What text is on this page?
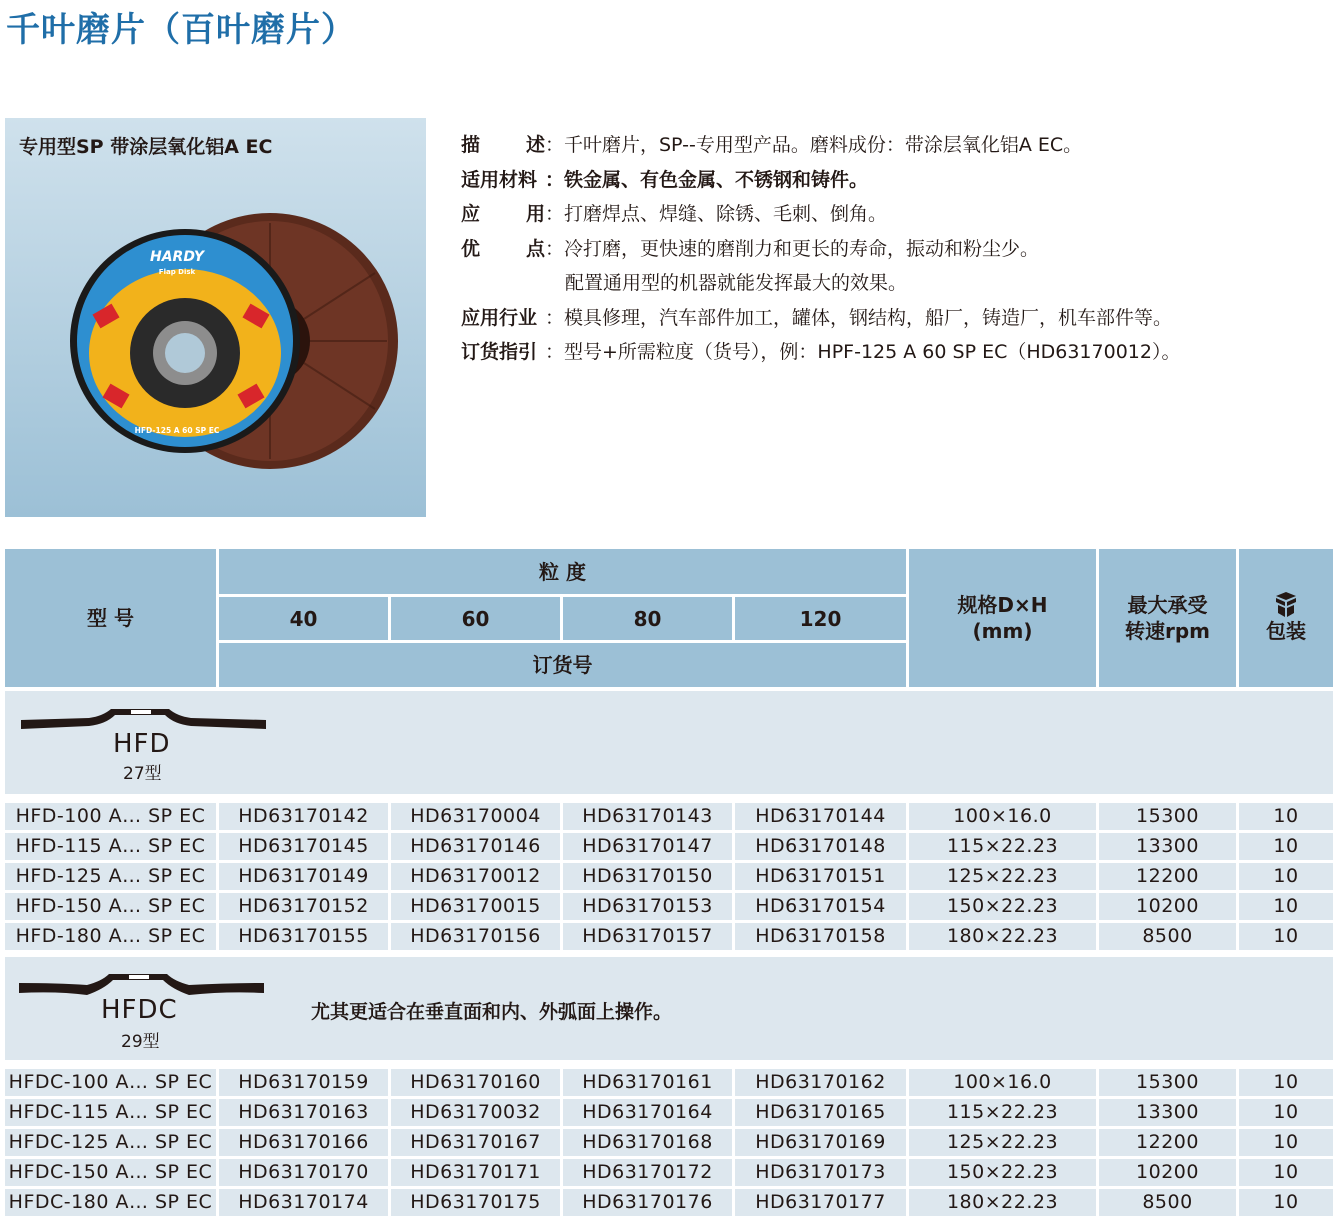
千叶磨片（百叶磨片）
专用型SP 带涂层氧化铝A EC
HARDY
Flap Disk
HFD-125 A 60 SP EC
描 述 ：千叶磨片，SP--专用型产品。磨料成份：带涂层氧化铝A EC。
适用材料 ：铁金属、有色金属、不锈钢和铸件。
应 用 ：打磨焊点、焊缝、除锈、毛刺、倒角。
优 点 ：冷打磨，更快速的磨削力和更长的寿命，振动和粉尘少。
配置通用型的机器就能发挥最大的效果。
应用行业 ：模具修理，汽车部件加工，罐体，钢结构，船厂，铸造厂，机车部件等。
订货指引 ：型号+所需粒度（货号），例：HPF-125 A 60 SP EC（HD63170012）。
型 号
粒 度
40	60	80	120
订货号
规格D×H
(mm)
最大承受
转速rpm	包装
HFD
27型
HFDC
29型
尤其更适合在垂直面和内、外弧面上操作。
HFD-100 A… SP EC	HD63170142	HD63170004	HD63170143	HD63170144	100×16.0	15300	10
HFD-115 A… SP EC	HD63170145	HD63170146	HD63170147	HD63170148	115×22.23	13300	10
HFD-125 A… SP EC	HD63170149	HD63170012	HD63170150	HD63170151	125×22.23	12200	10
HFD-150 A… SP EC	HD63170152	HD63170015	HD63170153	HD63170154	150×22.23	10200	10
HFD-180 A… SP EC	HD63170155	HD63170156	HD63170157	HD63170158	180×22.23	8500	10
HFDC-100 A… SP EC	HD63170159	HD63170160	HD63170161	HD63170162	100×16.0	15300	10
HFDC-115 A… SP EC	HD63170163	HD63170032	HD63170164	HD63170165	115×22.23	13300	10
HFDC-125 A… SP EC	HD63170166	HD63170167	HD63170168	HD63170169	125×22.23	12200	10
HFDC-150 A… SP EC	HD63170170	HD63170171	HD63170172	HD63170173	150×22.23	10200	10
HFDC-180 A… SP EC	HD63170174	HD63170175	HD63170176	HD63170177	180×22.23	8500	10
